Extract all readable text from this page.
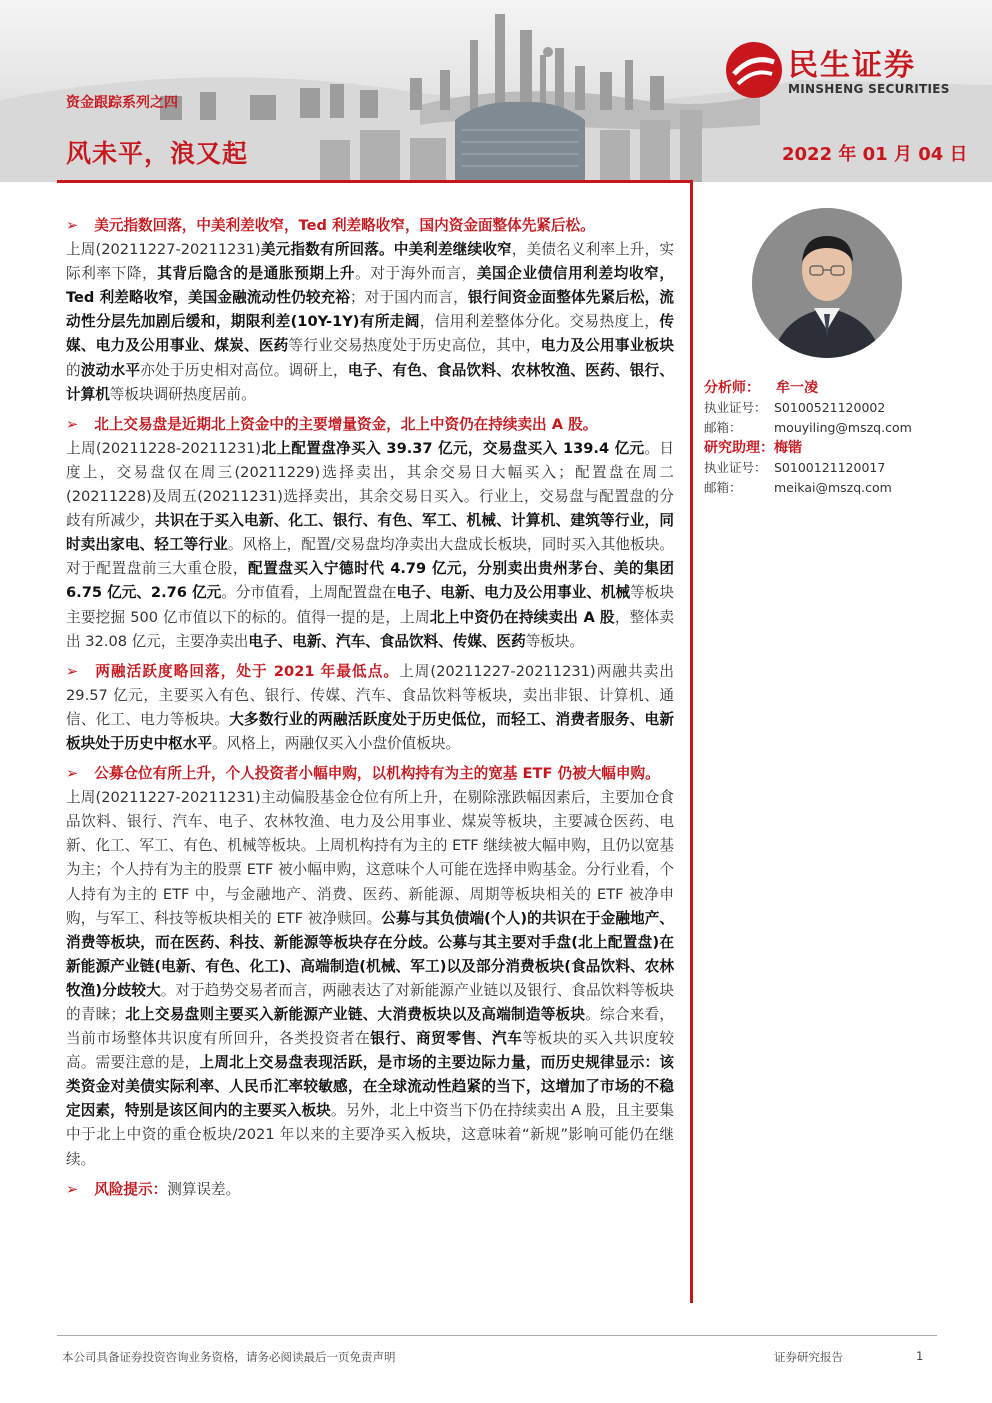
资金跟踪系列之四
风未平，浪又起	2022 年 01 月 04 日
民生证券
MINSHENG SECURITIES

➢ 美元指数回落，中美利差收窄，Ted 利差略收窄，国内资金面整体先紧后松。
上周(20211227-20211231)美元指数有所回落。中美利差继续收窄，美债名义利率上升，实际利率下降，其背后隐含的是通胀预期上升。对于海外而言，美国企业债信用利差均收窄，Ted 利差略收窄，美国金融流动性仍较充裕；对于国内而言，银行间资金面整体先紧后松，流动性分层先加剧后缓和，期限利差(10Y-1Y)有所走阔，信用利差整体分化。交易热度上，传媒、电力及公用事业、煤炭、医药等行业交易热度处于历史高位，其中，电力及公用事业板块的波动水平亦处于历史相对高位。调研上，电子、有色、食品饮料、农林牧渔、医药、银行、计算机等板块调研热度居前。

➢ 北上交易盘是近期北上资金中的主要增量资金，北上中资仍在持续卖出 A 股。
上周(20211228-20211231)北上配置盘净买入 39.37 亿元，交易盘买入 139.4 亿元。日度上，交易盘仅在周三(20211229)选择卖出，其余交易日大幅买入；配置盘在周二(20211228)及周五(20211231)选择卖出，其余交易日买入。行业上，交易盘与配置盘的分歧有所减少，共识在于买入电新、化工、银行、有色、军工、机械、计算机、建筑等行业，同时卖出家电、轻工等行业。风格上，配置/交易盘均净卖出大盘成长板块，同时买入其他板块。对于配置盘前三大重仓股，配置盘买入宁德时代 4.79 亿元，分别卖出贵州茅台、美的集团 6.75 亿元、2.76 亿元。分市值看，上周配置盘在电子、电新、电力及公用事业、机械等板块主要挖掘 500 亿市值以下的标的。值得一提的是，上周北上中资仍在持续卖出 A 股，整体卖出 32.08 亿元，主要净卖出电子、电新、汽车、食品饮料、传媒、医药等板块。

➢ 两融活跃度略回落，处于 2021 年最低点。上周(20211227-20211231)两融共卖出 29.57 亿元，主要买入有色、银行、传媒、汽车、食品饮料等板块，卖出非银、计算机、通信、化工、电力等板块。大多数行业的两融活跃度处于历史低位，而轻工、消费者服务、电新板块处于历史中枢水平。风格上，两融仅买入小盘价值板块。

➢ 公募仓位有所上升，个人投资者小幅申购，以机构持有为主的宽基 ETF 仍被大幅申购。
上周(20211227-20211231)主动偏股基金仓位有所上升，在剔除涨跌幅因素后，主要加仓食品饮料、银行、汽车、电子、农林牧渔、电力及公用事业、煤炭等板块，主要减仓医药、电新、化工、军工、有色、机械等板块。上周机构持有为主的 ETF 继续被大幅申购，且仍以宽基为主；个人持有为主的股票 ETF 被小幅申购，这意味个人可能在选择申购基金。分行业看，个人持有为主的 ETF 中，与金融地产、消费、医药、新能源、周期等板块相关的 ETF 被净申购，与军工、科技等板块相关的 ETF 被净赎回。公募与其负债端(个人)的共识在于金融地产、消费等板块，而在医药、科技、新能源等板块存在分歧。公募与其主要对手盘(北上配置盘)在新能源产业链(电新、有色、化工)、高端制造(机械、军工)以及部分消费板块(食品饮料、农林牧渔)分歧较大。对于趋势交易者而言，两融表达了对新能源产业链以及银行、食品饮料等板块的青睐；北上交易盘则主要买入新能源产业链、大消费板块以及高端制造等板块。综合来看，当前市场整体共识度有所回升，各类投资者在银行、商贸零售、汽车等板块的买入共识度较高。需要注意的是，上周北上交易盘表现活跃，是市场的主要边际力量，而历史规律显示：该类资金对美债实际利率、人民币汇率较敏感，在全球流动性趋紧的当下，这增加了市场的不稳定因素，特别是该区间内的主要买入板块。另外，北上中资当下仍在持续卖出 A 股，且主要集中于北上中资的重仓板块/2021 年以来的主要净买入板块，这意味着“新规”影响可能仍在继续。

➢ 风险提示：测算误差。

分析师：	牟一凌
执业证号： S0100521120002
邮箱：	mouyiling@mszq.com
研究助理： 梅锴
执业证号： S0100121120017
邮箱：	meikai@mszq.com
本公司具备证券投资咨询业务资格，请务必阅读最后一页免责声明	证券研究报告	1
